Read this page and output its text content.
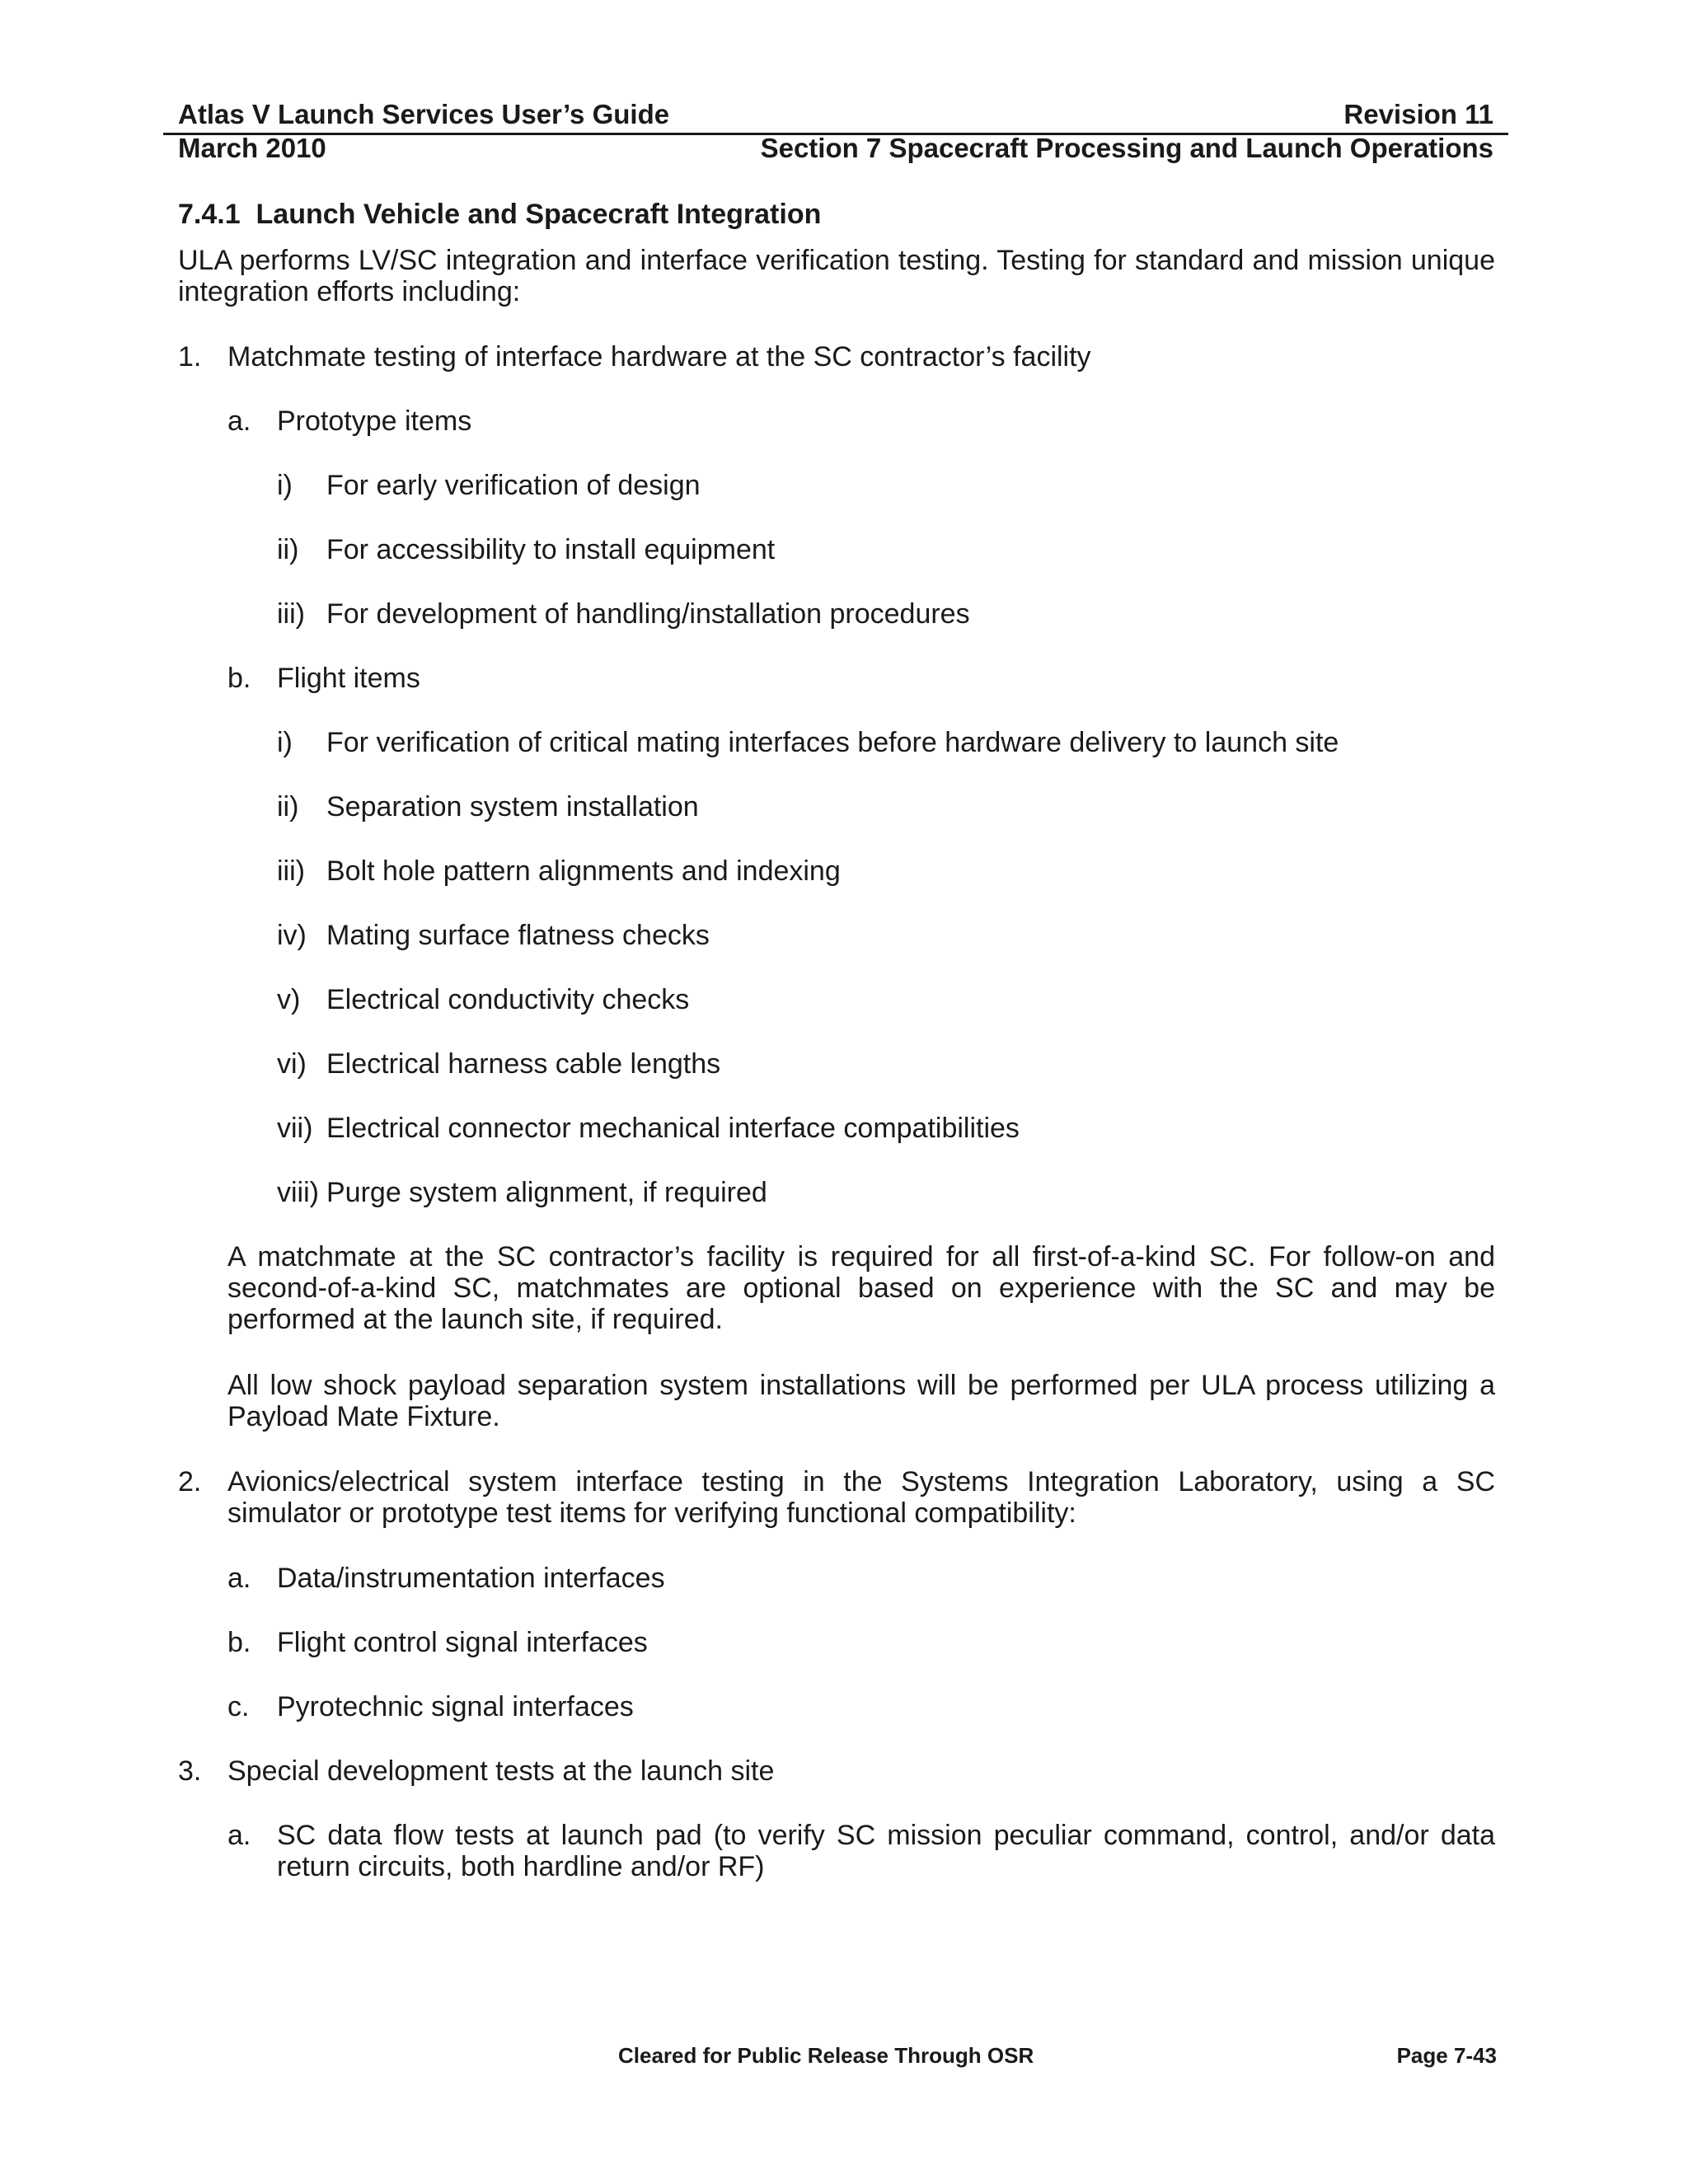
Atlas V Launch Services User’s Guide	Revision 11
March 2010	Section 7 Spacecraft Processing and Launch Operations
7.4.1  Launch Vehicle and Spacecraft Integration
ULA performs LV/SC integration and interface verification testing. Testing for standard and mission unique integration efforts including:
1. Matchmate testing of interface hardware at the SC contractor’s facility
a. Prototype items
i) For early verification of design
ii) For accessibility to install equipment
iii) For development of handling/installation procedures
b. Flight items
i) For verification of critical mating interfaces before hardware delivery to launch site
ii) Separation system installation
iii) Bolt hole pattern alignments and indexing
iv) Mating surface flatness checks
v) Electrical conductivity checks
vi) Electrical harness cable lengths
vii) Electrical connector mechanical interface compatibilities
viii) Purge system alignment, if required
A matchmate at the SC contractor’s facility is required for all first-of-a-kind SC. For follow-on and second-of-a-kind SC, matchmates are optional based on experience with the SC and may be performed at the launch site, if required.
All low shock payload separation system installations will be performed per ULA process utilizing a Payload Mate Fixture.
2. Avionics/electrical system interface testing in the Systems Integration Laboratory, using a SC simulator or prototype test items for verifying functional compatibility:
a. Data/instrumentation interfaces
b. Flight control signal interfaces
c. Pyrotechnic signal interfaces
3. Special development tests at the launch site
a. SC data flow tests at launch pad (to verify SC mission peculiar command, control, and/or data return circuits, both hardline and/or RF)
Cleared for Public Release Through OSR	Page 7-43
